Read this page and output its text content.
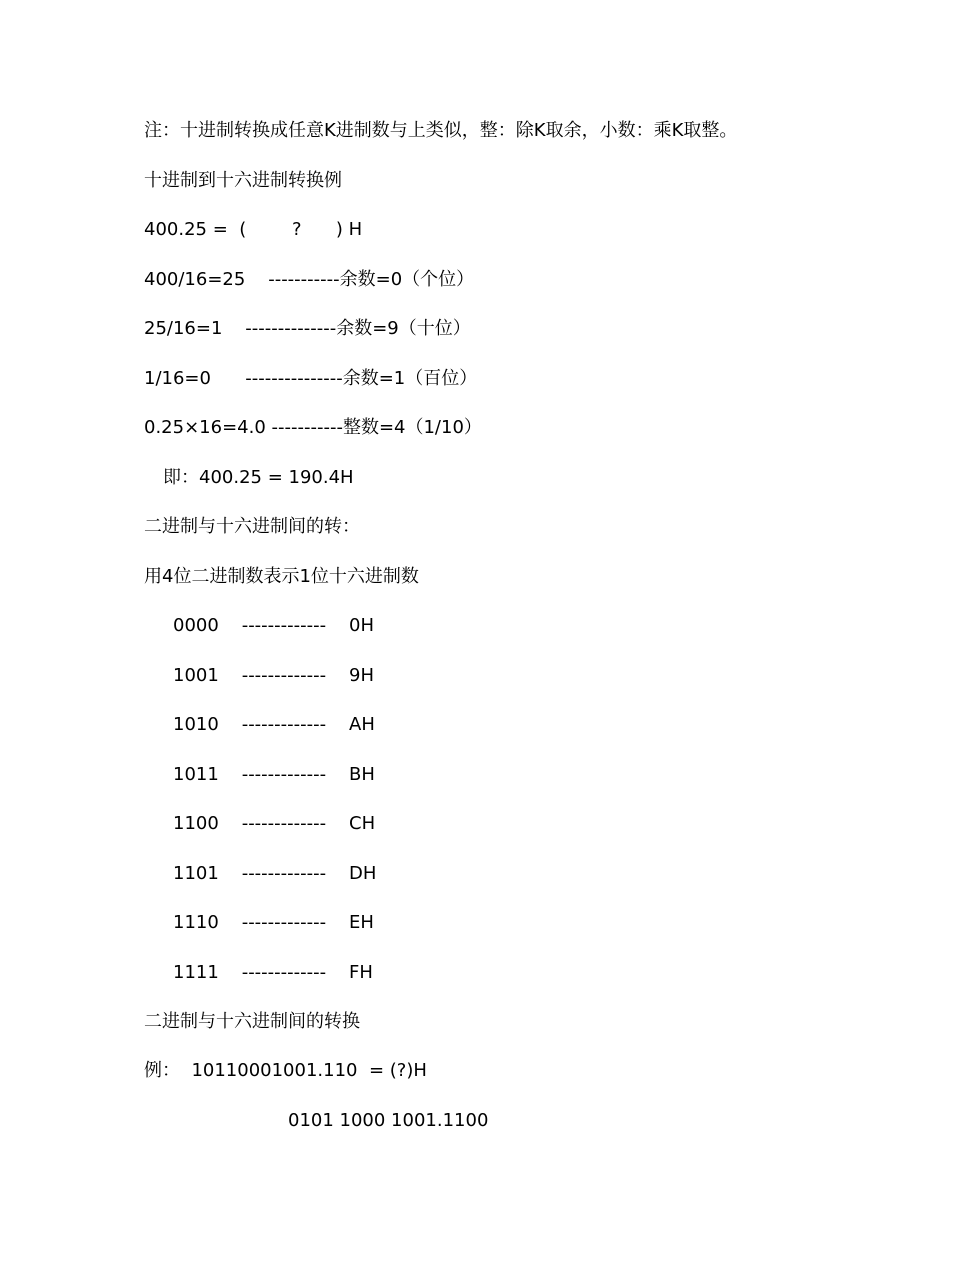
注：十进制转换成任意K进制数与上类似，整：除K取余，小数：乘K取整。

十进制到十六进制转换例

400.25 =  (        ?      ) H

400/16=25    -----------余数=0（个位）

25/16=1    --------------余数=9（十位）

1/16=0      ---------------余数=1（百位）

0.25×16=4.0 -----------整数=4（1/10）

即：400.25 = 190.4H

二进制与十六进制间的转：

用4位二进制数表示1位十六进制数

0000    -------------    0H

1001    -------------    9H

1010    -------------    AH

1011    -------------    BH

1100    -------------    CH

1101    -------------    DH

1110    -------------    EH

1111    -------------    FH

二进制与十六进制间的转换

例：  10110001001.110  = (?)H

0101 1000 1001.1100
